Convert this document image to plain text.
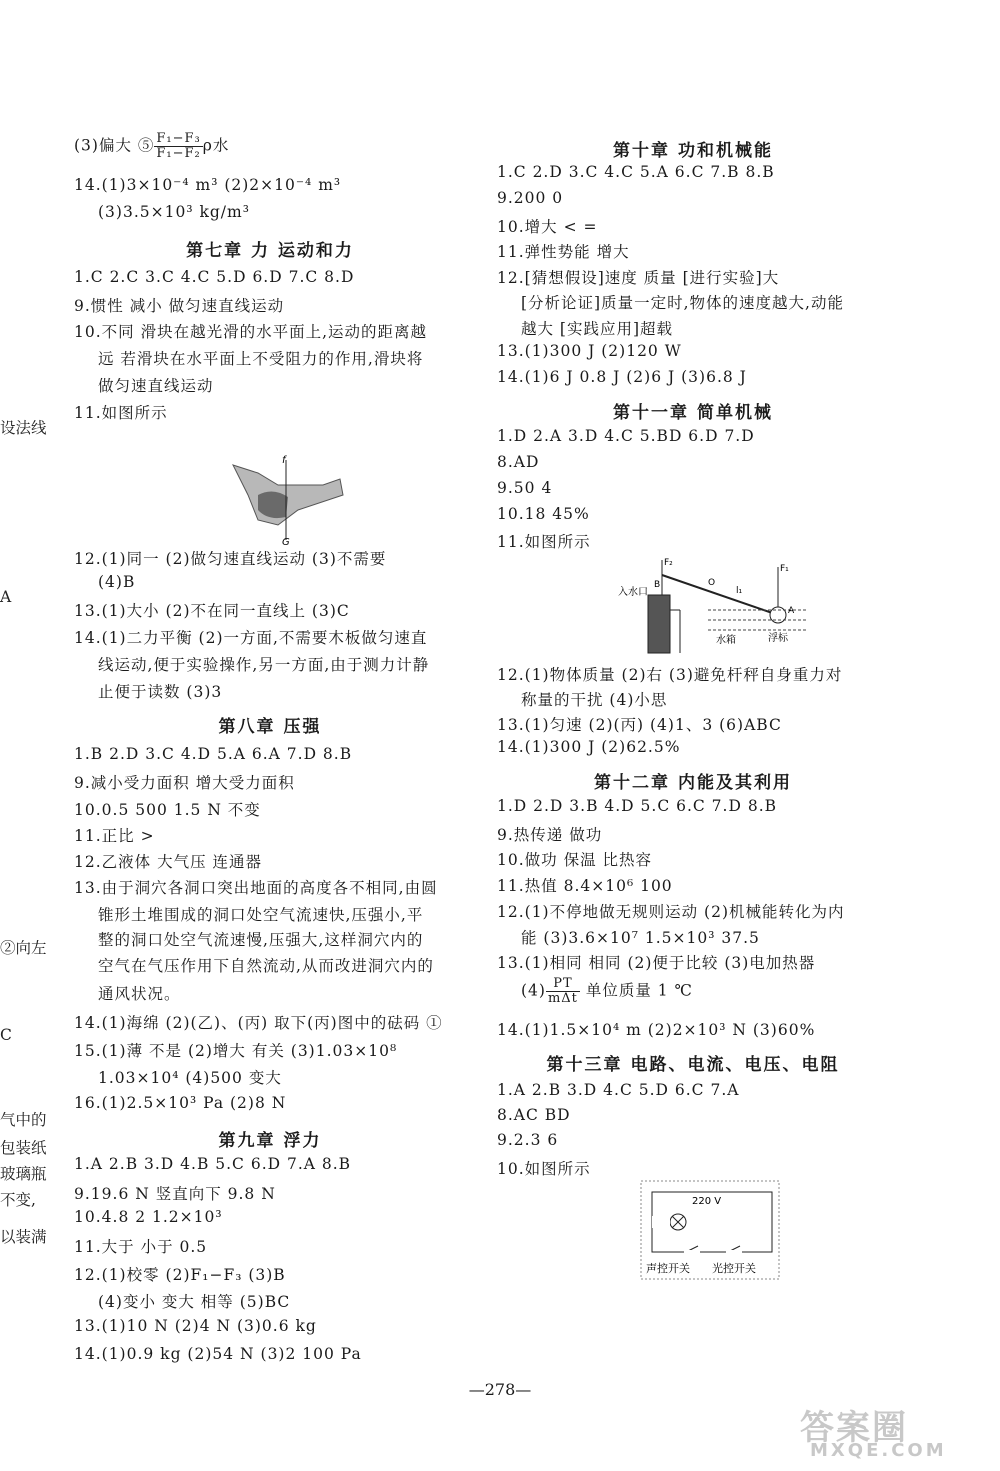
设法线
A
②向左
C
气中的
包装纸
玻璃瓶
不变,
以装满
(3)偏大 ⑤ $\frac{\text{F₁−F₃}}{\text{F₁−F₂}}$ ρ水
14.(1)3×10⁻⁴ m³ (2)2×10⁻⁴ m³
(3)3.5×10³ kg/m³
第七章 力 运动和力
1.C 2.C 3.C 4.C 5.D 6.D 7.C 8.D
9.惯性 减小 做匀速直线运动
10.不同 滑块在越光滑的水平面上,运动的距离越
远 若滑块在水平面上不受阻力的作用,滑块将
做匀速直线运动
11.如图所示
12.(1)同一 (2)做匀速直线运动 (3)不需要
(4)B
13.(1)大小 (2)不在同一直线上 (3)C
14.(1)二力平衡 (2)一方面,不需要木板做匀速直
线运动,便于实验操作,另一方面,由于测力计静
止便于读数 (3)3
第八章 压强
1.B 2.D 3.C 4.D 5.A 6.A 7.D 8.B
9.减小受力面积 增大受力面积
10.0.5 500 1.5 N 不变
11.正比 >
12.乙液体 大气压 连通器
13.由于洞穴各洞口突出地面的高度各不相同,由圆
锥形土堆围成的洞口处空气流速快,压强小,平
整的洞口处空气流速慢,压强大,这样洞穴内的
空气在气压作用下自然流动,从而改进洞穴内的
通风状况。
14.(1)海绵 (2)(乙)、(丙) 取下(丙)图中的砝码 ①
15.(1)薄 不是 (2)增大 有关 (3)1.03×10⁸
1.03×10⁴ (4)500 变大
16.(1)2.5×10³ Pa (2)8 N
第九章 浮力
1.A 2.B 3.D 4.B 5.C 6.D 7.A 8.B
9.19.6 N 竖直向下 9.8 N
10.4.8 2 1.2×10³
11.大于 小于 0.5
12.(1)校零 (2)F₁−F₃ (3)B
(4)变小 变大 相等 (5)BC
13.(1)10 N (2)4 N (3)0.6 kg
14.(1)0.9 kg (2)54 N (3)2 100 Pa
第十章 功和机械能
1.C 2.D 3.C 4.C 5.A 6.C 7.B 8.B
9.200 0
10.增大 < =
11.弹性势能 增大
12.[猜想假设]速度 质量 [进行实验]大
[分析论证]质量一定时,物体的速度越大,动能
越大 [实践应用]超载
13.(1)300 J (2)120 W
14.(1)6 J 0.8 J (2)6 J (3)6.8 J
第十一章 简单机械
1.D 2.A 3.D 4.C 5.BD 6.D 7.D
8.AD
9.50 4
10.18 45%
11.如图所示
12.(1)物体质量 (2)右 (3)避免杆秤自身重力对
称量的干扰 (4)小思
13.(1)匀速 (2)(丙) (4)1、3 (6)ABC
14.(1)300 J (2)62.5%
第十二章 内能及其利用
1.D 2.D 3.B 4.D 5.C 6.C 7.D 8.B
9.热传递 做功
10.做功 保温 比热容
11.热值 8.4×10⁶ 100
12.(1)不停地做无规则运动 (2)机械能转化为内
能 (3)3.6×10⁷ 1.5×10³ 37.5
13.(1)相同 相同 (2)便于比较 (3)电加热器
$(4) \frac{PT}{\text{mΔt}}$ 单位质量 1 ℃
14.(1)1.5×10⁴ m (2)2×10³ N (3)60%
第十三章 电路、电流、电压、电阻
1.A 2.B 3.D 4.C 5.D 6.C 7.A
8.AC BD
9.2.3 6
10.如图所示
f
G
F₂
B	O
l₁
F₁
A
入水口
水箱	浮标
220 V
声控开关 光控开关
—278—
答案圈
MXQE.COM
